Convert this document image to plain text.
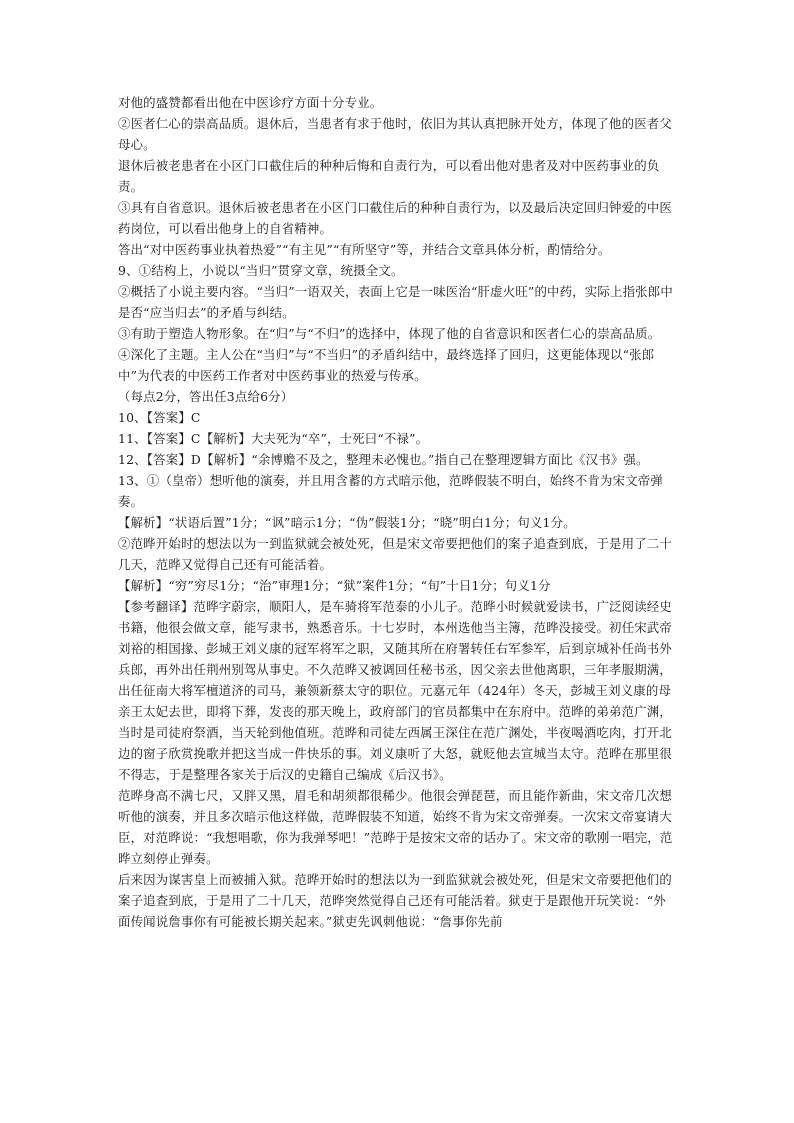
对他的盛赞都看出他在中医诊疗方面十分专业。

②医者仁心的崇高品质。退休后，当患者有求于他时，依旧为其认真把脉开处方，体现了他的医者父母心。

退休后被老患者在小区门口截住后的种种后悔和自责行为，可以看出他对患者及对中医药事业的负责。

③具有自省意识。退休后被老患者在小区门口截住后的种种自责行为，以及最后决定回归钟爱的中医药岗位，可以看出他身上的自省精神。

答出“对中医药事业执着热爱”“有主见”“有所坚守”等，并结合文章具体分析，酌情给分。

9、①结构上，小说以“当归”贯穿文章，统摄全文。

②概括了小说主要内容。“当归”一语双关，表面上它是一味医治“肝虚火旺”的中药，实际上指张郎中是否“应当归去”的矛盾与纠结。

③有助于塑造人物形象。在“归”与“不归”的选择中，体现了他的自省意识和医者仁心的崇高品质。

④深化了主题。主人公在“当归”与“不当归”的矛盾纠结中，最终选择了回归，这更能体现以“张郎中”为代表的中医药工作者对中医药事业的热爱与传承。

（每点2分，答出任3点给6分）

10、【答案】C

11、【答案】C【解析】大夫死为“卒”，士死曰“不禄”。

12、【答案】D【解析】“余博赡不及之，整理未必愧也。”指自己在整理逻辑方面比《汉书》强。

13、①（皇帝）想听他的演奏，并且用含蓄的方式暗示他，范晔假装不明白，始终不肯为宋文帝弹奏。

【解析】“状语后置”1分；“讽”暗示1分；“伪”假装1分；“晓”明白1分；句义1分。

②范晔开始时的想法以为一到监狱就会被处死，但是宋文帝要把他们的案子追查到底，于是用了二十几天，范晔又觉得自己还有可能活着。

【解析】“穷”穷尽1分；“治”审理1分；“狱”案件1分；“旬”十日1分；句义1分

【参考翻译】范晔字蔚宗，顺阳人，是车骑将军范泰的小儿子。范晔小时候就爱读书，广泛阅读经史书籍，他很会做文章，能写隶书，熟悉音乐。十七岁时，本州选他当主簿，范晔没接受。初任宋武帝刘裕的相国掾、彭城王刘义康的冠军将军之职，又随其所在府署转任右军参军，后到京城补任尚书外兵郎，再外出任荆州别驾从事史。不久范晔又被调回任秘书丞，因父亲去世他离职，三年孝服期满，出任征南大将军檀道济的司马，兼领新蔡太守的职位。元嘉元年（424年）冬天，彭城王刘义康的母亲王太妃去世，即将下葬，发丧的那天晚上，政府部门的官员都集中在东府中。范晔的弟弟范广渊，当时是司徒府祭酒，当天轮到他值班。范晔和司徒左西属王深住在范广渊处，半夜喝酒吃肉，打开北边的窗子欣赏挽歌并把这当成一件快乐的事。刘义康听了大怒，就贬他去宣城当太守。范晔在那里很不得志，于是整理各家关于后汉的史籍自己编成《后汉书》。

范晔身高不满七尺，又胖又黑，眉毛和胡须都很稀少。他很会弹琵琶，而且能作新曲，宋文帝几次想听他的演奏，并且多次暗示他这样做，范晔假装不知道，始终不肯为宋文帝弹奏。一次宋文帝宴请大臣，对范晔说：“我想唱歌，你为我弹琴吧！”范晔于是按宋文帝的话办了。宋文帝的歌刚一唱完，范晔立刻停止弹奏。

后来因为谋害皇上而被捕入狱。范晔开始时的想法以为一到监狱就会被处死，但是宋文帝要把他们的案子追查到底，于是用了二十几天，范晔突然觉得自己还有可能活着。狱吏于是跟他开玩笑说：“外面传闻说詹事你有可能被长期关起来。”狱吏先讽刺他说：“詹事你先前
